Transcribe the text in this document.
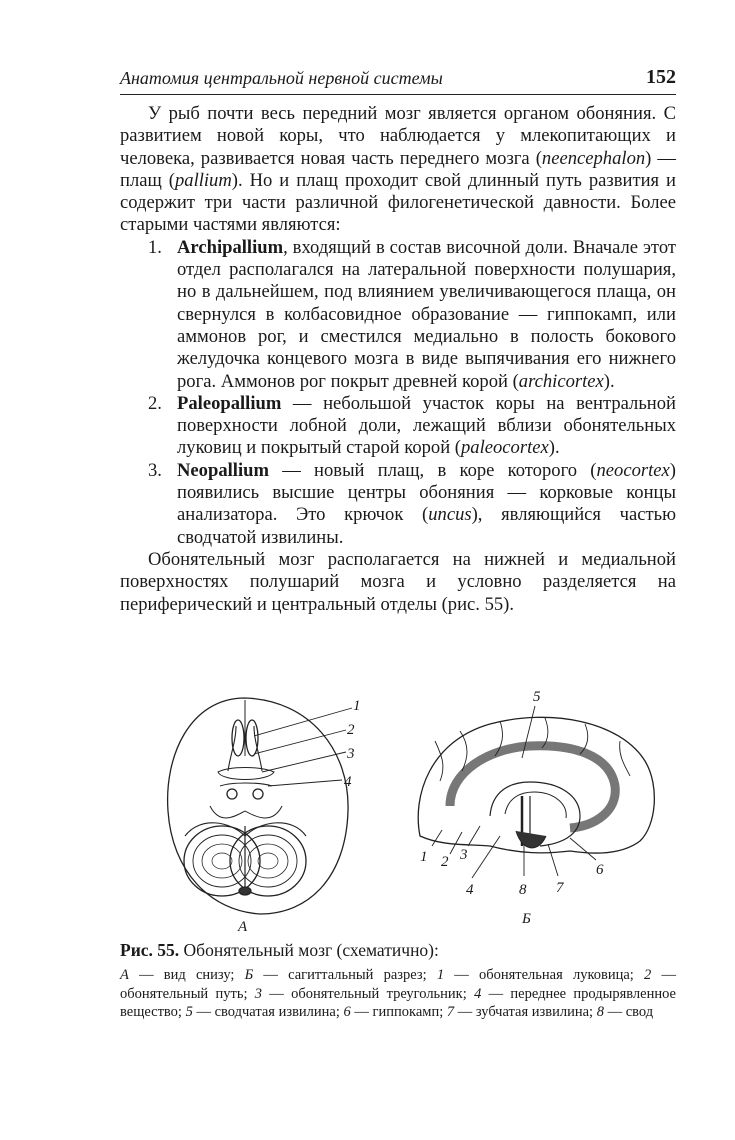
Анатомия центральной нервной системы	152

У рыб почти весь передний мозг является органом обоняния. С развитием новой коры, что наблюдается у млекопитающих и человека, развивается новая часть переднего мозга (neencephalon) — плащ (pallium). Но и плащ проходит свой длинный путь развития и содержит три части различной филогенетической давности. Более старыми частями являются:

1. Archipallium, входящий в состав височной доли. Вначале этот отдел располагался на латеральной поверхности полушария, но в дальнейшем, под влиянием увеличивающегося плаща, он свернулся в колбасовидное образование — гиппокамп, или аммонов рог, и сместился медиально в полость бокового желудочка концевого мозга в виде выпячивания его нижнего рога. Аммонов рог покрыт древней корой (archicortex).
2. Paleopallium — небольшой участок коры на вентральной поверхности лобной доли, лежащий вблизи обонятельных луковиц и покрытый старой корой (paleocortex).
3. Neopallium — новый плащ, в коре которого (neocortex) появились высшие центры обоняния — корковые концы анализатора. Это крючок (uncus), являющийся частью сводчатой извилины.

Обонятельный мозг располагается на нижней и медиальной поверхностях полушарий мозга и условно разделяется на периферический и центральный отделы (рис. 55).

1
2
3
4
А
5
1 2 3
4	8 7
6
Б
Рис. 55. Обонятельный мозг (схематично):
А — вид снизу; Б — сагиттальный разрез; 1 — обонятельная луковица; 2 — обонятельный путь; 3 — обонятельный треугольник; 4 — переднее продырявленное вещество; 5 — сводчатая извилина; 6 — гиппокамп; 7 — зубчатая извилина; 8 — свод
